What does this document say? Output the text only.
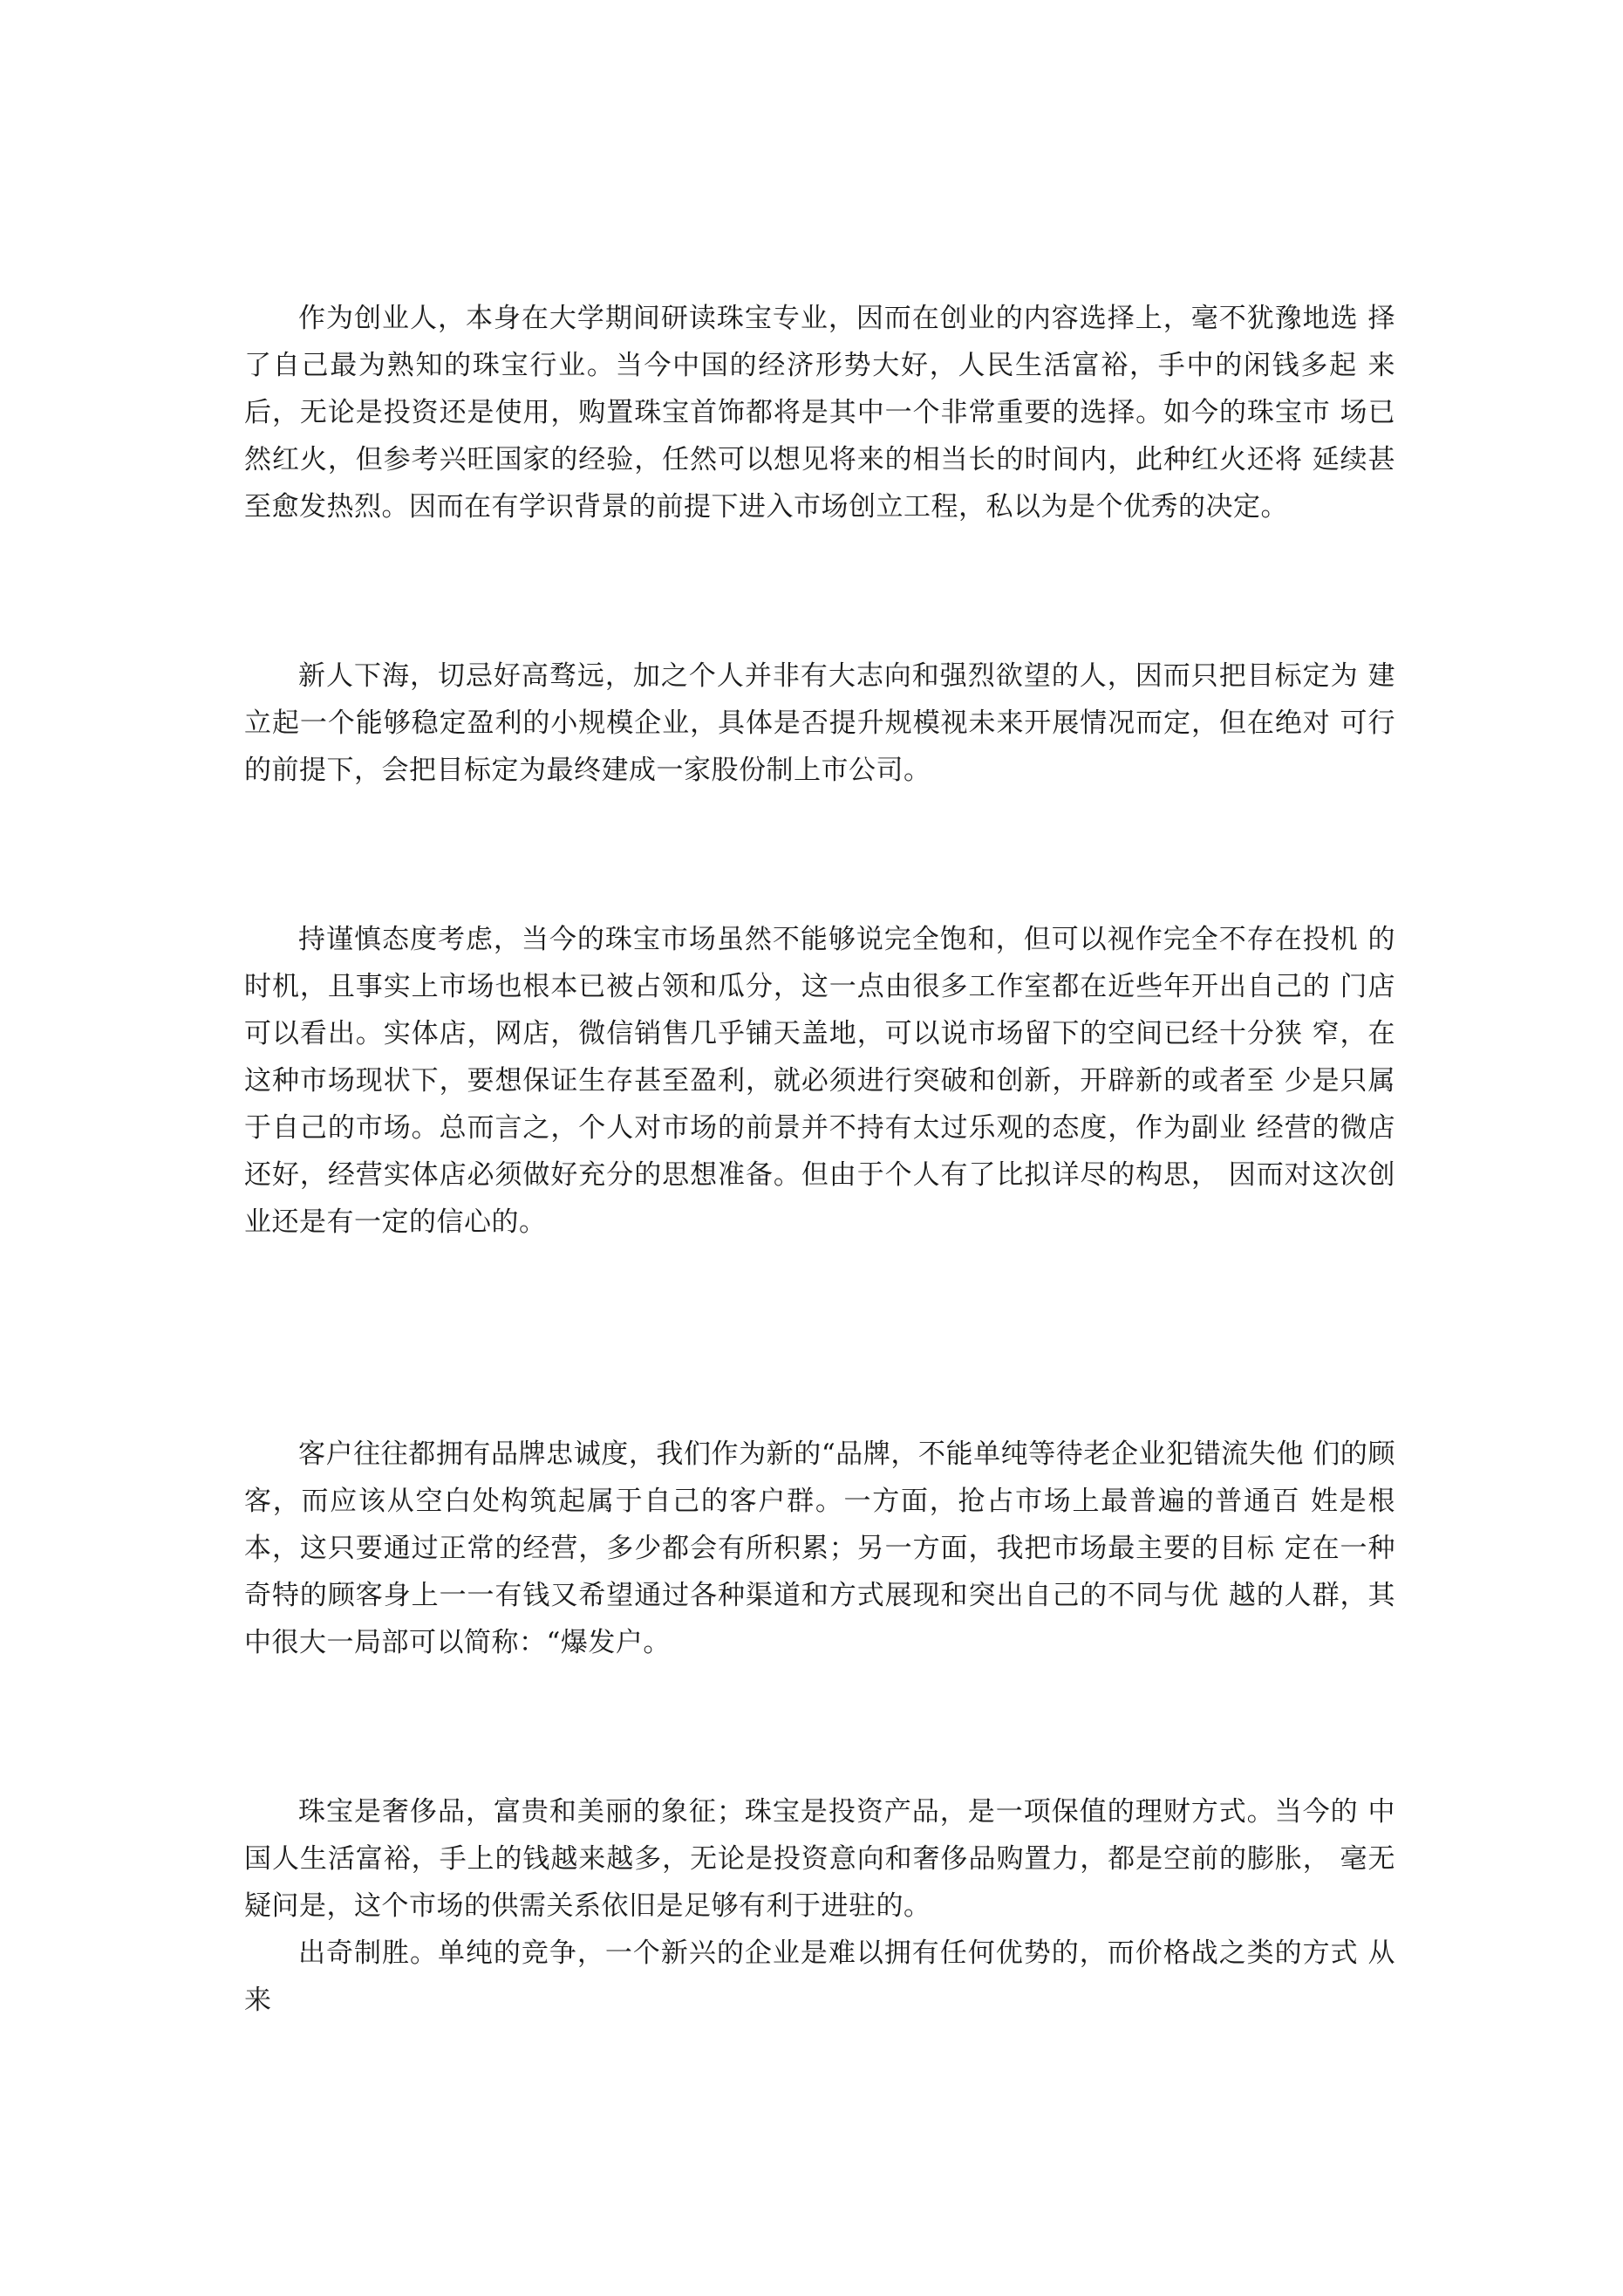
作为创业人，本身在大学期间研读珠宝专业，因而在创业的内容选择上，毫不犹豫地选 择了自己最为熟知的珠宝行业。当今中国的经济形势大好，人民生活富裕，手中的闲钱多起 来后，无论是投资还是使用，购置珠宝首饰都将是其中一个非常重要的选择。如今的珠宝市 场已然红火，但参考兴旺国家的经验，任然可以想见将来的相当长的时间内，此种红火还将 延续甚至愈发热烈。因而在有学识背景的前提下进入市场创立工程，私以为是个优秀的决定。

新人下海，切忌好高骛远，加之个人并非有大志向和强烈欲望的人，因而只把目标定为 建立起一个能够稳定盈利的小规模企业，具体是否提升规模视未来开展情况而定，但在绝对 可行的前提下，会把目标定为最终建成一家股份制上市公司。

持谨慎态度考虑，当今的珠宝市场虽然不能够说完全饱和，但可以视作完全不存在投机 的时机，且事实上市场也根本已被占领和瓜分，这一点由很多工作室都在近些年开出自己的 门店可以看出。实体店，网店，微信销售几乎铺天盖地，可以说市场留下的空间已经十分狭 窄，在这种市场现状下，要想保证生存甚至盈利，就必须进行突破和创新，开辟新的或者至 少是只属于自己的市场。总而言之，个人对市场的前景并不持有太过乐观的态度，作为副业 经营的微店还好，经营实体店必须做好充分的思想准备。但由于个人有了比拟详尽的构思， 因而对这次创业还是有一定的信心的。

客户往往都拥有品牌忠诚度，我们作为新的“品牌，不能单纯等待老企业犯错流失他 们的顾客，而应该从空白处构筑起属于自己的客户群。一方面，抢占市场上最普遍的普通百 姓是根本，这只要通过正常的经营，多少都会有所积累；另一方面，我把市场最主要的目标 定在一种奇特的顾客身上一一有钱又希望通过各种渠道和方式展现和突出自己的不同与优 越的人群，其中很大一局部可以简称：“爆发户。

珠宝是奢侈品，富贵和美丽的象征；珠宝是投资产品，是一项保值的理财方式。当今的 中国人生活富裕，手上的钱越来越多，无论是投资意向和奢侈品购置力，都是空前的膨胀， 毫无疑问是，这个市场的供需关系依旧是足够有利于进驻的。

出奇制胜。单纯的竞争，一个新兴的企业是难以拥有任何优势的，而价格战之类的方式 从来
